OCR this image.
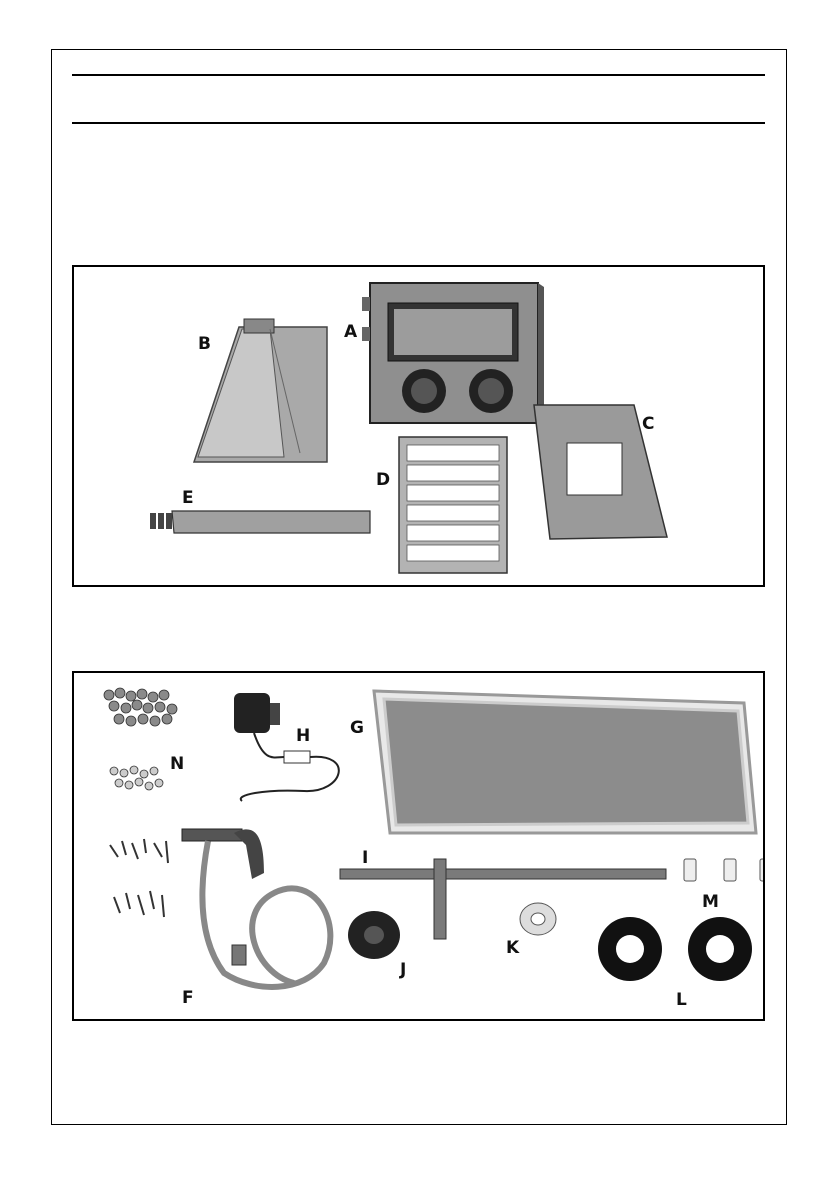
B
A
C
D
E
N
H G
F
I
J
K
L
M
